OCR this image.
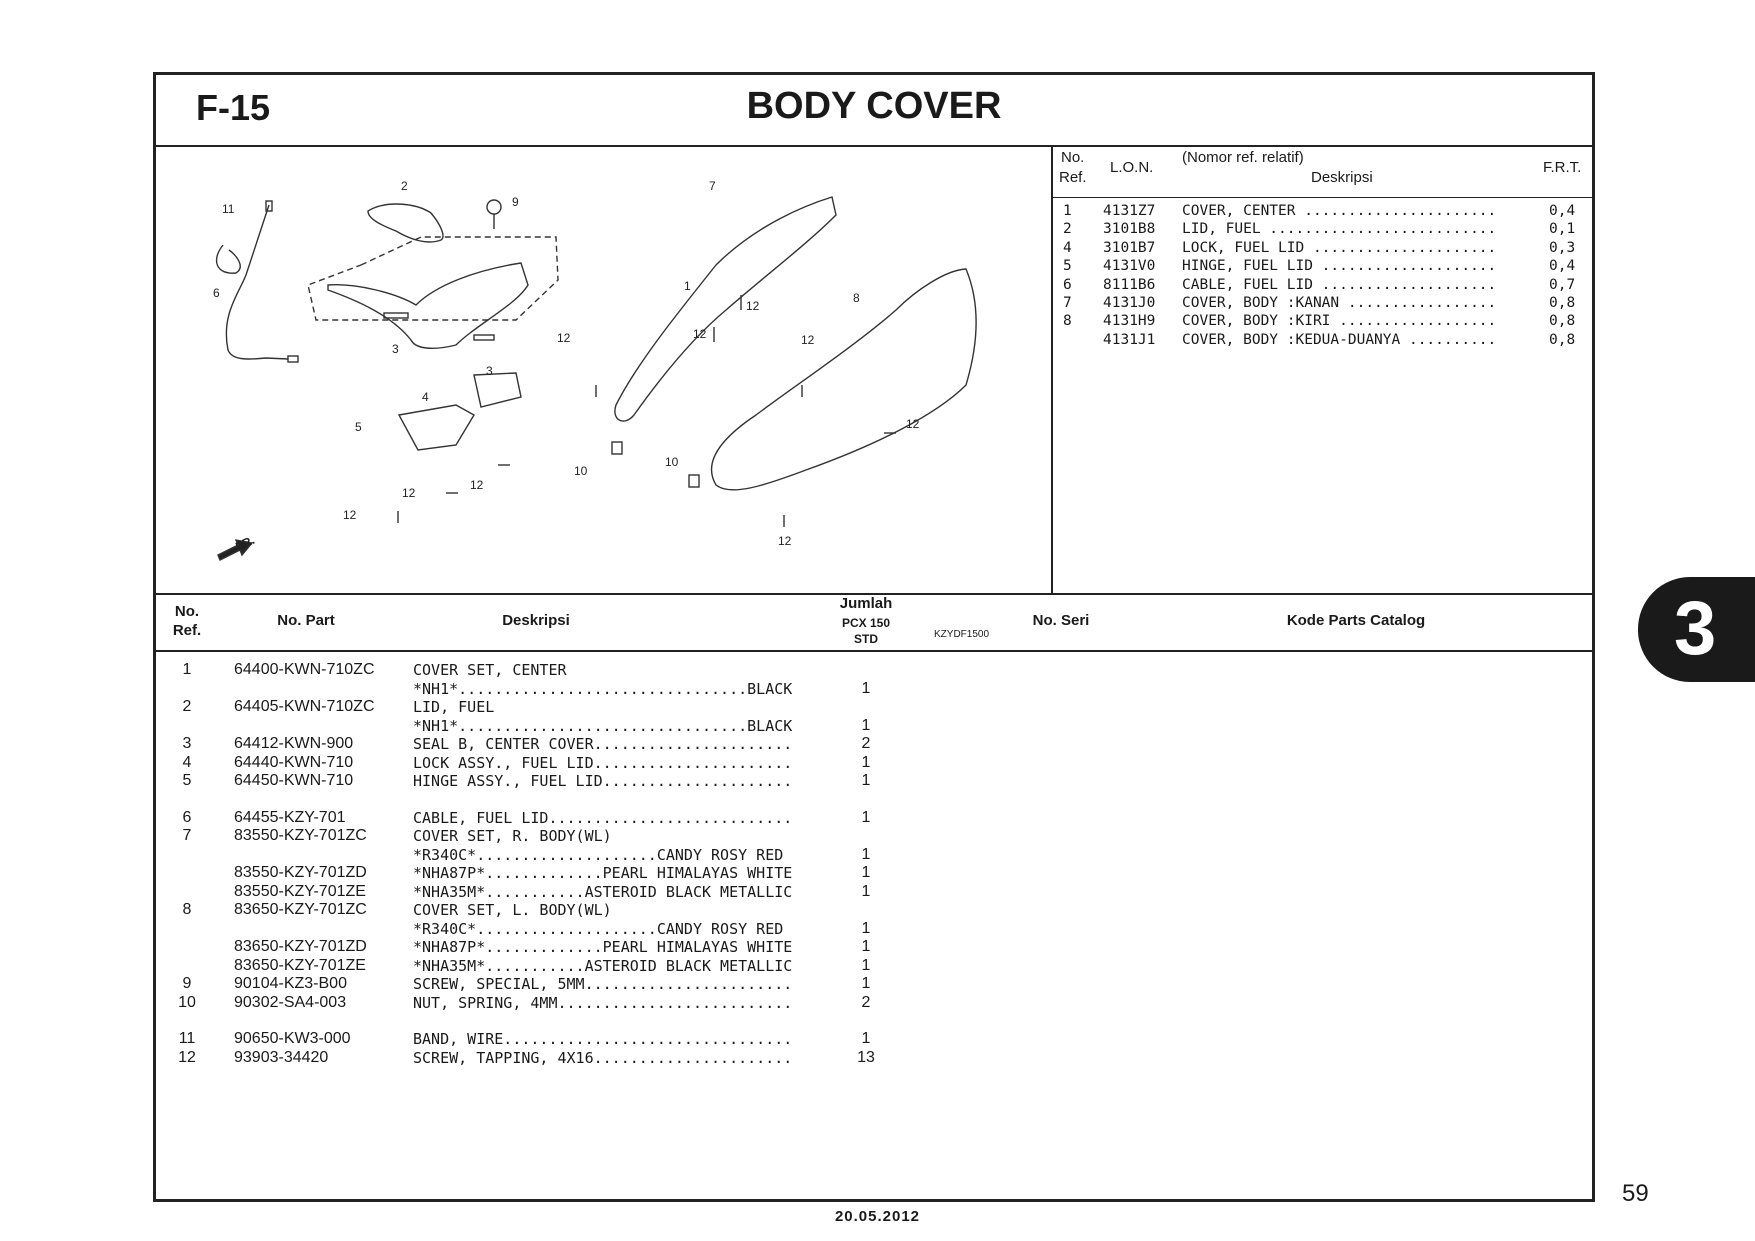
F-15	BODY COVER
1
2
3
3
4
5
6
7
8
9
10
10
11
12
12
12	12
12
12
12
12
12
FR.
KZYDF1500
No.
Ref.
L.O.N.
(Nomor ref. relatif)
Deskripsi
F.R.T.
1 4131Z7 COVER, CENTER ......................	0,4
2 3101B8 LID, FUEL ..........................	0,1
4 3101B7 LOCK, FUEL LID .....................	0,3
5 4131V0 HINGE, FUEL LID ....................	0,4
6 8111B6 CABLE, FUEL LID ....................	0,7
7 4131J0 COVER, BODY :KANAN .................	0,8
8 4131H9 COVER, BODY :KIRI ..................	0,8
4131J1 COVER, BODY :KEDUA-DUANYA ..........	0,8
No.
Ref.
No. Part	Deskripsi
Jumlah
PCX 150
STD
No. Seri	Kode Parts Catalog
1	64400-KWN-710ZC	COVER SET, CENTER
*NH1*................................BLACK	1
2	64405-KWN-710ZC	LID, FUEL
*NH1*................................BLACK	1
3	64412-KWN-900	SEAL B, CENTER COVER......................	2
4	64440-KWN-710	LOCK ASSY., FUEL LID......................	1
5	64450-KWN-710	HINGE ASSY., FUEL LID.....................	1
6	64455-KZY-701	CABLE, FUEL LID...........................	1
7	83550-KZY-701ZC	COVER SET, R. BODY(WL)
*R340C*....................CANDY ROSY RED	1
83550-KZY-701ZD	*NHA87P*.............PEARL HIMALAYAS WHITE	1
83550-KZY-701ZE	*NHA35M*...........ASTEROID BLACK METALLIC	1
8	83650-KZY-701ZC	COVER SET, L. BODY(WL)
*R340C*....................CANDY ROSY RED	1
83650-KZY-701ZD	*NHA87P*.............PEARL HIMALAYAS WHITE	1
83650-KZY-701ZE	*NHA35M*...........ASTEROID BLACK METALLIC	1
9	90104-KZ3-B00	SCREW, SPECIAL, 5MM.......................	1
10	90302-SA4-003	NUT, SPRING, 4MM..........................	2
11	90650-KW3-000	BAND, WIRE................................	1
12	93903-34420	SCREW, TAPPING, 4X16......................	13
3
59
20.05.2012
